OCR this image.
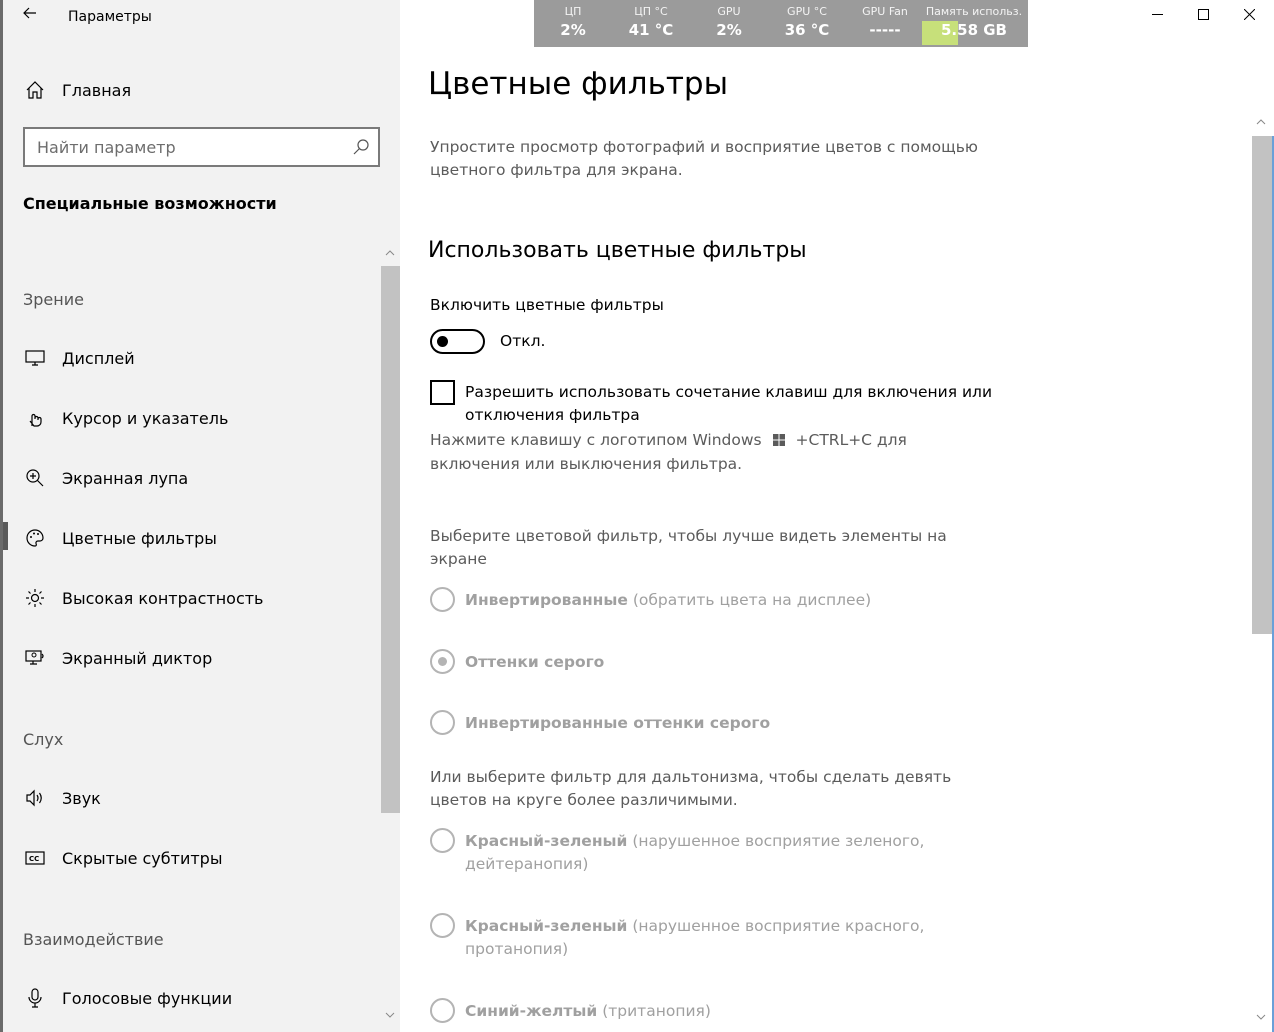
Параметры
Главная
Найти параметр
Специальные возможности
Зрение
Дисплей
Курсор и указатель
Экранная лупа
Цветные фильтры
Высокая контрастность
Экранный диктор
Слух
Звук
CC Скрытые субтитры
Взаимодействие
Голосовые функции
Цветные фильтры
Упростите просмотр фотографий и восприятие цветов с помощью цветного фильтра для экрана.
Использовать цветные фильтры
Включить цветные фильтры
Откл.
Разрешить использовать сочетание клавиш для включения или отключения фильтра
Нажмите клавишу с логотипом Windows +CTRL+C для включения или выключения фильтра.
Выберите цветовой фильтр, чтобы лучше видеть элементы на экране
Инвертированные (обратить цвета на дисплее)
Оттенки серого
Инвертированные оттенки серого
Или выберите фильтр для дальтонизма, чтобы сделать девять цветов на круге более различимыми.
Красный-зеленый (нарушенное восприятие зеленого, дейтеранопия)
Красный-зеленый (нарушенное восприятие красного, протанопия)
Синий-желтый (тританопия)
ЦП
2%
ЦП °C
41 °C
GPU
2%
GPU °C
36 °C
GPU Fan
-----
Память использ.
5.58 GB
